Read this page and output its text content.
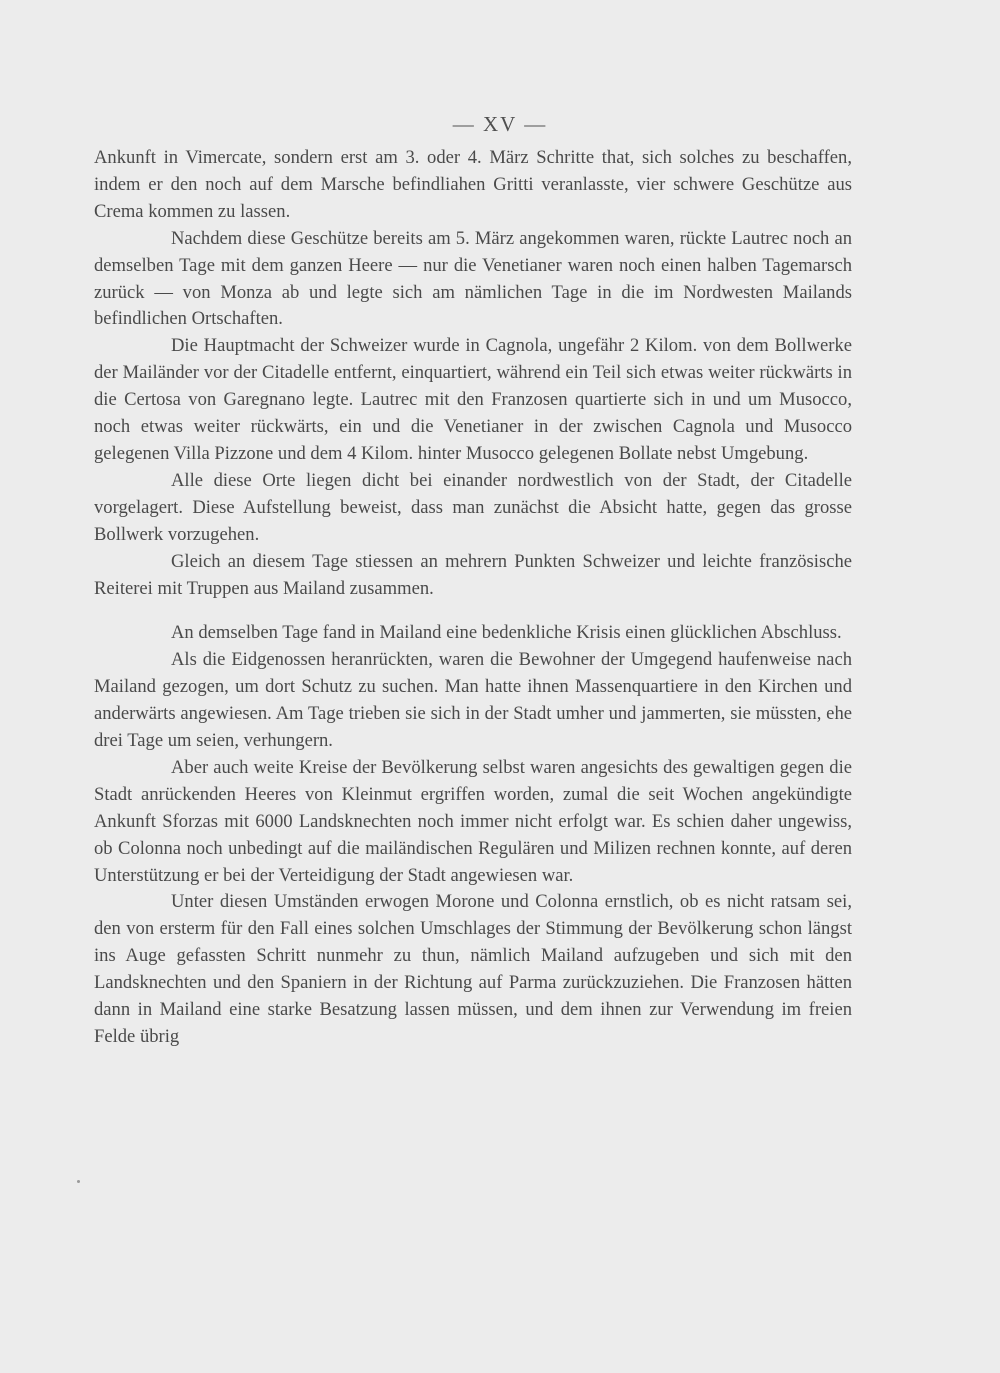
— XV —

Ankunft in Vimercate, sondern erst am 3. oder 4. März Schritte that, sich solches zu beschaffen, indem er den noch auf dem Marsche befindliahen Gritti veranlasste, vier schwere Geschütze aus Crema kommen zu lassen.

Nachdem diese Geschütze bereits am 5. März angekommen waren, rückte Lautrec noch an demselben Tage mit dem ganzen Heere — nur die Venetianer waren noch einen halben Tagemarsch zurück — von Monza ab und legte sich am nämlichen Tage in die im Nordwesten Mailands befindlichen Ortschaften.

Die Hauptmacht der Schweizer wurde in Cagnola, ungefähr 2 Kilom. von dem Bollwerke der Mailänder vor der Citadelle entfernt, einquartiert, während ein Teil sich etwas weiter rückwärts in die Certosa von Garegnano legte. Lautrec mit den Franzosen quartierte sich in und um Musocco, noch etwas weiter rückwärts, ein und die Venetianer in der zwischen Cagnola und Musocco gelegenen Villa Pizzone und dem 4 Kilom. hinter Musocco gelegenen Bollate nebst Umgebung.

Alle diese Orte liegen dicht bei einander nordwestlich von der Stadt, der Citadelle vorgelagert. Diese Aufstellung beweist, dass man zunächst die Absicht hatte, gegen das grosse Bollwerk vorzugehen.

Gleich an diesem Tage stiessen an mehrern Punkten Schweizer und leichte französische Reiterei mit Truppen aus Mailand zusammen.

An demselben Tage fand in Mailand eine bedenkliche Krisis einen glücklichen Abschluss.

Als die Eidgenossen heranrückten, waren die Bewohner der Umgegend haufenweise nach Mailand gezogen, um dort Schutz zu suchen. Man hatte ihnen Massenquartiere in den Kirchen und anderwärts angewiesen. Am Tage trieben sie sich in der Stadt umher und jammerten, sie müssten, ehe drei Tage um seien, verhungern.

Aber auch weite Kreise der Bevölkerung selbst waren angesichts des gewaltigen gegen die Stadt anrückenden Heeres von Kleinmut ergriffen worden, zumal die seit Wochen angekündigte Ankunft Sforzas mit 6000 Landsknechten noch immer nicht erfolgt war. Es schien daher ungewiss, ob Colonna noch unbedingt auf die mailändischen Regulären und Milizen rechnen konnte, auf deren Unterstützung er bei der Verteidigung der Stadt angewiesen war.

Unter diesen Umständen erwogen Morone und Colonna ernstlich, ob es nicht ratsam sei, den von ersterm für den Fall eines solchen Umschlages der Stimmung der Bevölkerung schon längst ins Auge gefassten Schritt nunmehr zu thun, nämlich Mailand aufzugeben und sich mit den Landsknechten und den Spaniern in der Richtung auf Parma zurückzuziehen. Die Franzosen hätten dann in Mailand eine starke Besatzung lassen müssen, und dem ihnen zur Verwendung im freien Felde übrig
